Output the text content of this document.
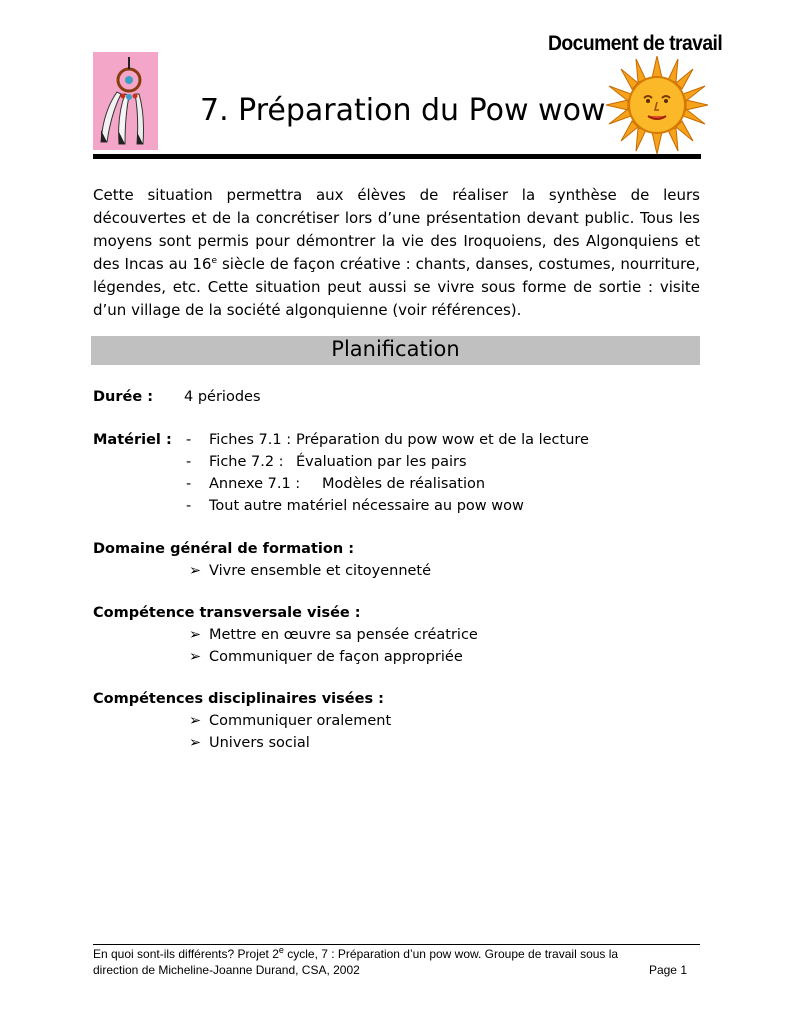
Document de travail
7. Préparation du Pow wow

Cette situation permettra aux élèves de réaliser la synthèse de leurs découvertes et de la concrétiser lors d’une présentation devant public. Tous les moyens sont permis pour démontrer la vie des Iroquoiens, des Algonquiens et des Incas au 16e siècle de façon créative : chants, danses, costumes, nourriture, légendes, etc. Cette situation peut aussi se vivre sous forme de sortie : visite d’un village de la société algonquienne (voir références).

Planification
Durée : 4 périodes
Matériel : - Fiches 7.1 : Préparation du pow wow et de la lecture
- Fiche 7.2 : Évaluation par les pairs
- Annexe 7.1 : Modèles de réalisation
- Tout autre matériel nécessaire au pow wow
Domaine général de formation :
➢ Vivre ensemble et citoyenneté
Compétence transversale visée :
➢ Mettre en œuvre sa pensée créatrice
➢ Communiquer de façon appropriée
Compétences disciplinaires visées :
➢ Communiquer oralement
➢ Univers social
En quoi sont-ils différents? Projet 2e cycle, 7 : Préparation d’un pow wow. Groupe de travail sous la
direction de Micheline-Joanne Durand, CSA, 2002	Page 1
